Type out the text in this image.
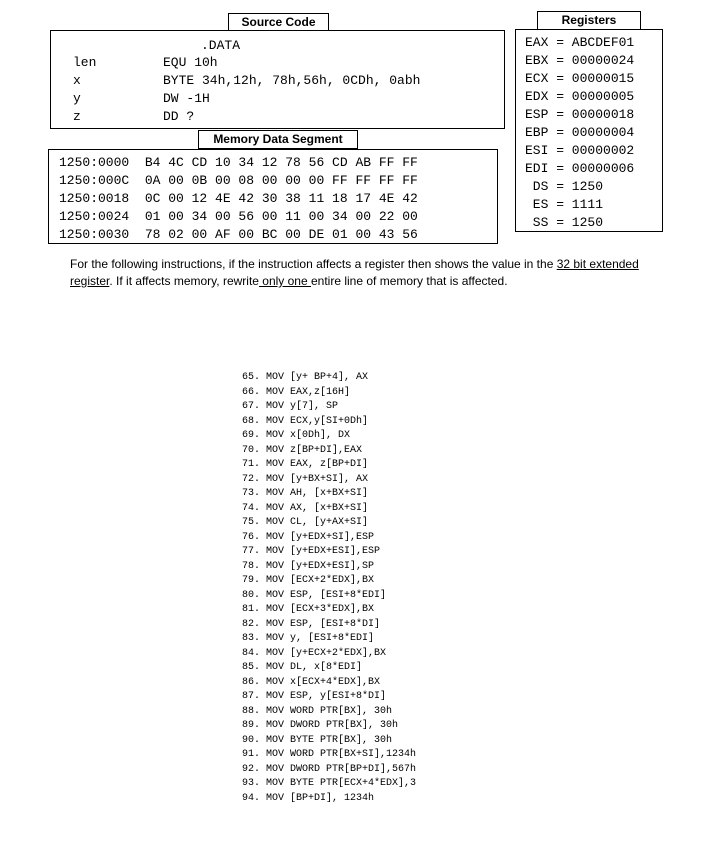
.DATA
len	EQU 10h
x	BYTE 34h,12h, 78h,56h, 0CDh, 0abh
y	DW -1H
z	DD ?
Source Code
1250:0000  B4 4C CD 10 34 12 78 56 CD AB FF FF
1250:000C  0A 00 0B 00 08 00 00 00 FF FF FF FF
1250:0018  0C 00 12 4E 42 30 38 11 18 17 4E 42
1250:0024  01 00 34 00 56 00 11 00 34 00 22 00
1250:0030  78 02 00 AF 00 BC 00 DE 01 00 43 56
Memory Data Segment
EAX = ABCDEF01
EBX = 00000024
ECX = 00000015
EDX = 00000005
ESP = 00000018
EBP = 00000004
ESI = 00000002
EDI = 00000006
DS = 1250
ES = 1111
SS = 1250
Registers
For the following instructions, if the instruction affects a register then shows the value in the 32 bit extended register. If it affects memory, rewrite only one entire line of memory that is affected.
65. MOV [y+ BP+4], AX
66. MOV EAX,z[16H]
67. MOV y[7], SP
68. MOV ECX,y[SI+0Dh]
69. MOV x[0Dh], DX
70. MOV z[BP+DI],EAX
71. MOV EAX, z[BP+DI]
72. MOV [y+BX+SI], AX
73. MOV AH, [x+BX+SI]
74. MOV AX, [x+BX+SI]
75. MOV CL, [y+AX+SI]
76. MOV [y+EDX+SI],ESP
77. MOV [y+EDX+ESI],ESP
78. MOV [y+EDX+ESI],SP
79. MOV [ECX+2*EDX],BX
80. MOV ESP, [ESI+8*EDI]
81. MOV [ECX+3*EDX],BX
82. MOV ESP, [ESI+8*DI]
83. MOV y, [ESI+8*EDI]
84. MOV [y+ECX+2*EDX],BX
85. MOV DL, x[8*EDI]
86. MOV x[ECX+4*EDX],BX
87. MOV ESP, y[ESI+8*DI]
88. MOV WORD PTR[BX], 30h
89. MOV DWORD PTR[BX], 30h
90. MOV BYTE PTR[BX], 30h
91. MOV WORD PTR[BX+SI],1234h
92. MOV DWORD PTR[BP+DI],567h
93. MOV BYTE PTR[ECX+4*EDX],3
94. MOV [BP+DI], 1234h
